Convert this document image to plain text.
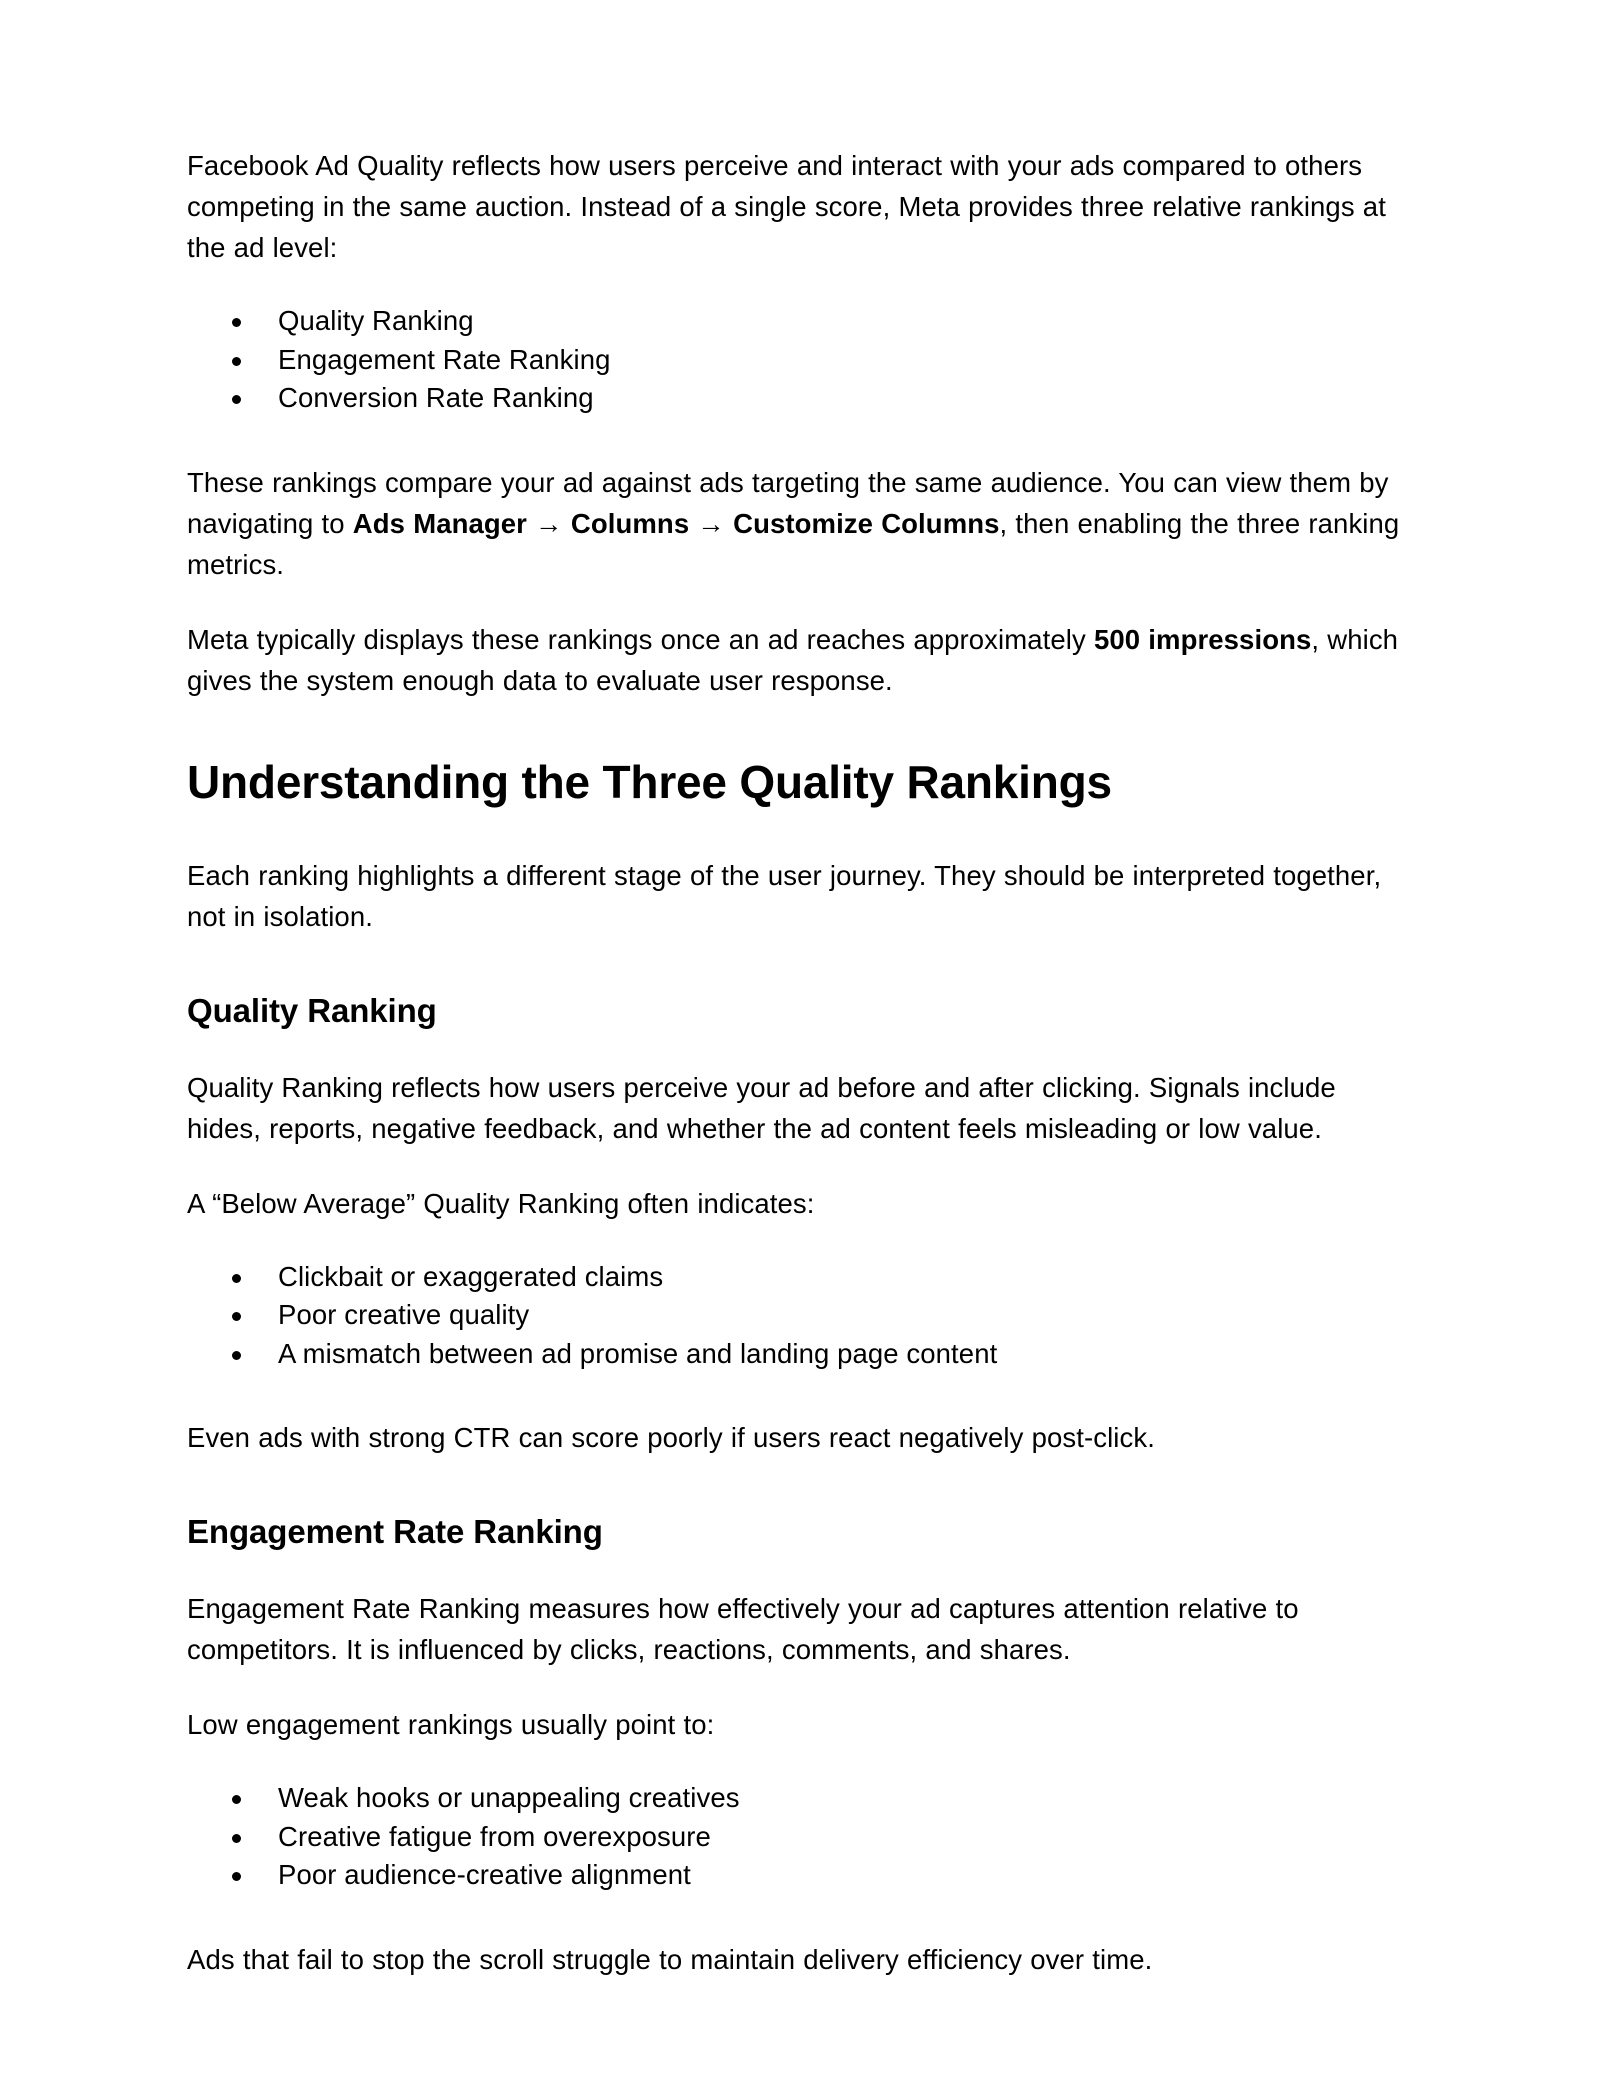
Facebook Ad Quality reflects how users perceive and interact with your ads compared to others competing in the same auction. Instead of a single score, Meta provides three relative rankings at the ad level:

Quality Ranking
Engagement Rate Ranking
Conversion Rate Ranking

These rankings compare your ad against ads targeting the same audience. You can view them by navigating to Ads Manager → Columns → Customize Columns, then enabling the three ranking metrics.

Meta typically displays these rankings once an ad reaches approximately 500 impressions, which gives the system enough data to evaluate user response.

Understanding the Three Quality Rankings

Each ranking highlights a different stage of the user journey. They should be interpreted together, not in isolation.

Quality Ranking

Quality Ranking reflects how users perceive your ad before and after clicking. Signals include hides, reports, negative feedback, and whether the ad content feels misleading or low value.

A “Below Average” Quality Ranking often indicates:

Clickbait or exaggerated claims
Poor creative quality
A mismatch between ad promise and landing page content

Even ads with strong CTR can score poorly if users react negatively post-click.

Engagement Rate Ranking

Engagement Rate Ranking measures how effectively your ad captures attention relative to competitors. It is influenced by clicks, reactions, comments, and shares.

Low engagement rankings usually point to:

Weak hooks or unappealing creatives
Creative fatigue from overexposure
Poor audience-creative alignment

Ads that fail to stop the scroll struggle to maintain delivery efficiency over time.
